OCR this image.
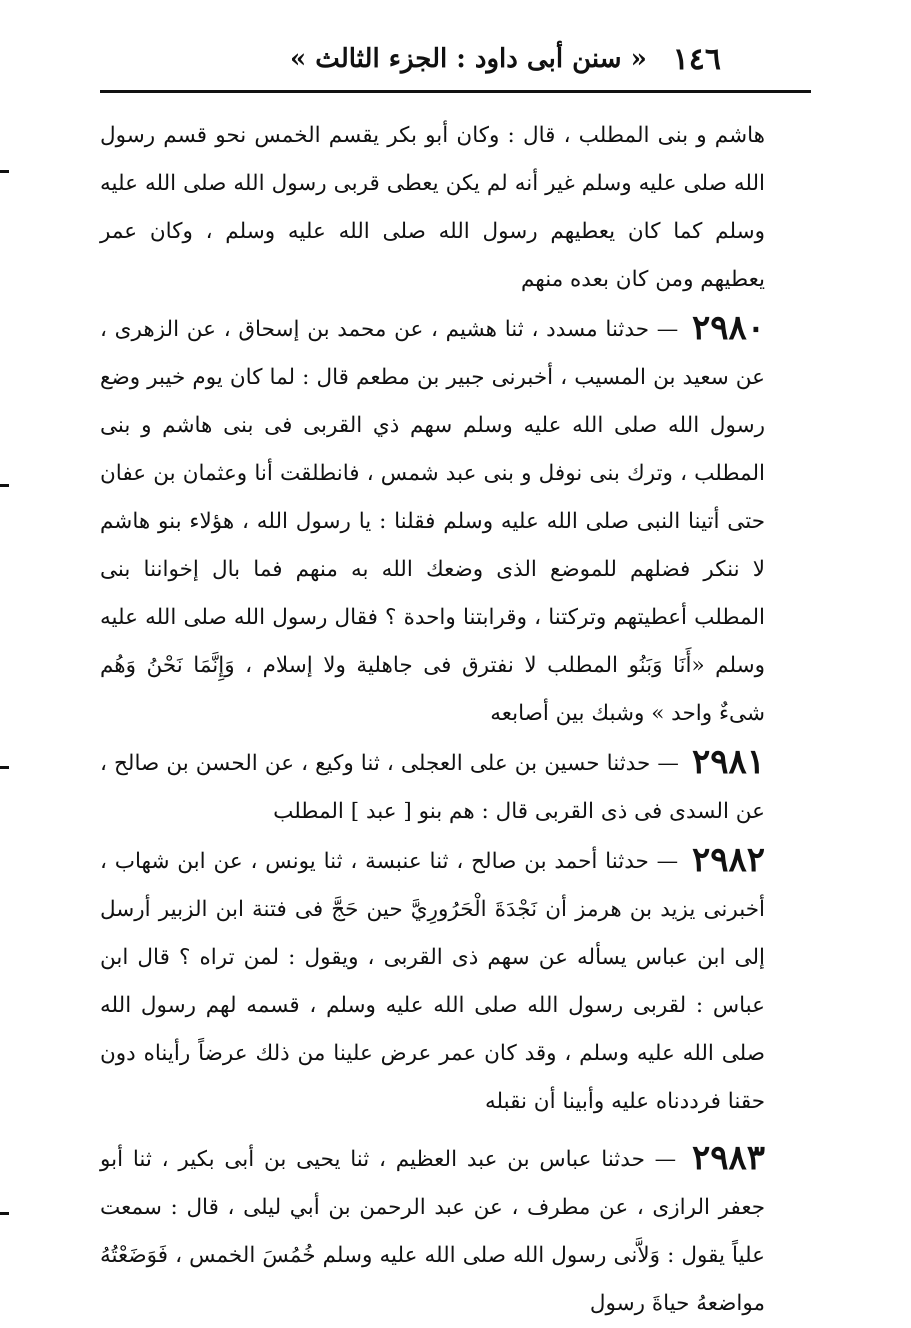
١٤٦
« سنن أبى داود : الجزء الثالث »

هاشم و بنى المطلب ، قال : وكان أبو بكر يقسم الخمس نحو قسم رسول الله صلى عليه وسلم غير أنه لم يكن يعطى قربى رسول الله صلى الله عليه وسلم كما كان يعطيهم رسول الله صلى الله عليه وسلم ، وكان عمر يعطيهم ومن كان بعده منهم

٢٩٨٠ — حدثنا مسدد ، ثنا هشيم ، عن محمد بن إسحاق ، عن الزهرى ، عن سعيد بن المسيب ، أخبرنى جبير بن مطعم قال : لما كان يوم خيبر وضع رسول الله صلى الله عليه وسلم سهم ذي القربى فى بنى هاشم و بنى المطلب ، وترك بنى نوفل و بنى عبد شمس ، فانطلقت أنا وعثمان بن عفان حتى أتينا النبى صلى الله عليه وسلم فقلنا : يا رسول الله ، هؤلاء بنو هاشم لا ننكر فضلهم للموضع الذى وضعك الله به منهم فما بال إخواننا بنى المطلب أعطيتهم وتركتنا ، وقرابتنا واحدة ؟ فقال رسول الله صلى الله عليه وسلم «أَنَا وَبَنُو المطلب لا نفترق فى جاهلية ولا إسلام ، وَإِنَّمَا نَحْنُ وَهُم شىءٌ واحد » وشبك بين أصابعه

٢٩٨١ — حدثنا حسين بن على العجلى ، ثنا وكيع ، عن الحسن بن صالح ، عن السدى فى ذى القربى قال : هم بنو [ عبد ] المطلب

٢٩٨٢ — حدثنا أحمد بن صالح ، ثنا عنبسة ، ثنا يونس ، عن ابن شهاب ، أخبرنى يزيد بن هرمز أن نَجْدَةَ الْحَرُورِيَّ حين حَجَّ فى فتنة ابن الزبير أرسل إلى ابن عباس يسأله عن سهم ذى القربى ، ويقول : لمن تراه ؟ قال ابن عباس : لقربى رسول الله صلى الله عليه وسلم ، قسمه لهم رسول الله صلى الله عليه وسلم ، وقد كان عمر عرض علينا من ذلك عرضاً رأيناه دون حقنا فرددناه عليه وأبينا أن نقبله

٢٩٨٣ — حدثنا عباس بن عبد العظيم ، ثنا يحيى بن أبى بكير ، ثنا أبو جعفر الرازى ، عن مطرف ، عن عبد الرحمن بن أبي ليلى ، قال : سمعت علياً يقول : وَلاَّنى رسول الله صلى الله عليه وسلم خُمُسَ الخمس ، فَوَضَعْتُهُ مواضعهُ حياةَ رسول
